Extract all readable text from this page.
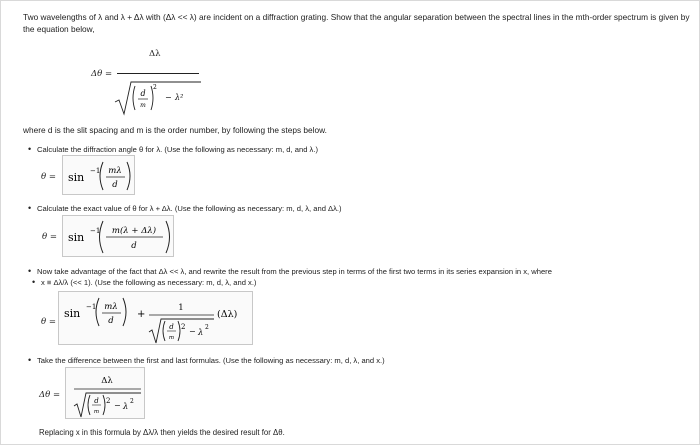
Two wavelengths of λ and λ + Δλ with (Δλ << λ) are incident on a diffraction grating. Show that the angular separation between the spectral lines in the mth-order spectrum is given by the equation below,

Δθ =
Δλ
d
m
2
− λ²

where d is the slit spacing and m is the order number, by following the steps below.

• Calculate the diffraction angle θ for λ. (Use the following as necessary: m, d, and λ.)

θ = sin −1 mλ
d

• Calculate the exact value of θ for λ + Δλ. (Use the following as necessary: m, d, λ, and Δλ.)

θ = sin −1 m(λ + Δλ)
d

• Now take advantage of the fact that Δλ << λ, and rewrite the result from the previous step in terms of the first two terms in its series expansion in x, where

• x ≡ Δλ/λ (<< 1). (Use the following as necessary: m, d, λ, and x.)

θ =
sin −1 mλ
d
+
1
d
m
2 − λ
2
(Δλ)

• Take the difference between the first and last formulas. (Use the following as necessary: m, d, λ, and x.)

Δθ =
Δλ
d
m
2 − λ
2

Replacing x in this formula by Δλ/λ then yields the desired result for Δθ.
